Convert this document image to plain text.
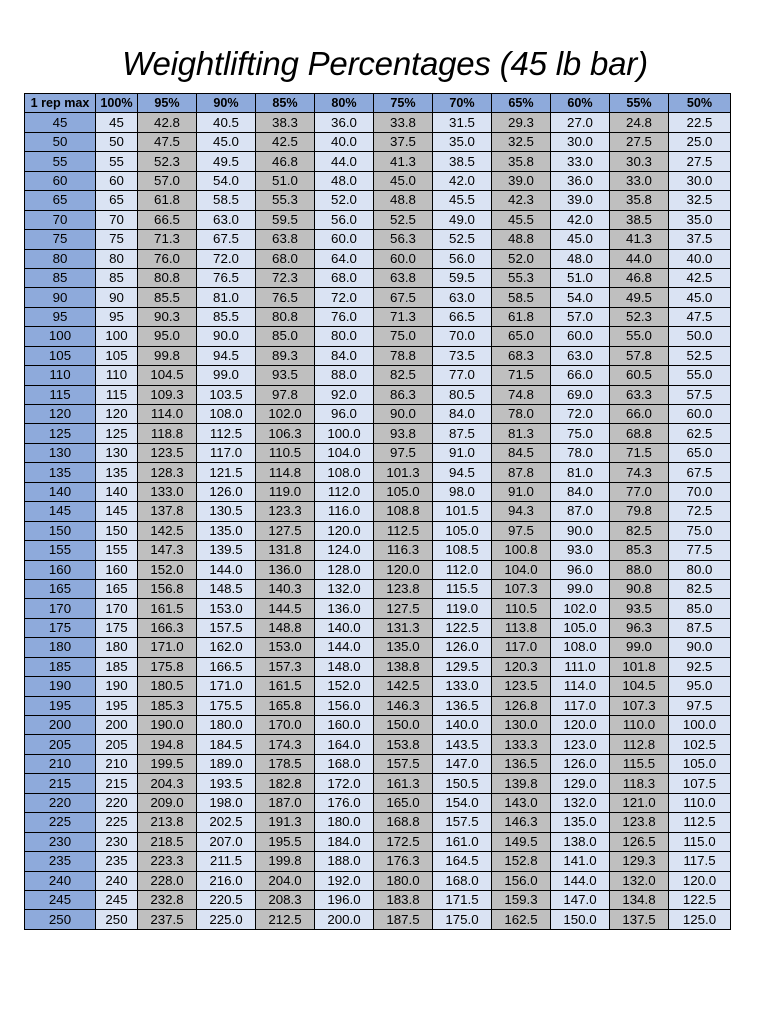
Weightlifting Percentages (45 lb bar)
1 rep max	100%	95%	90%	85%	80%	75%	70%	65%	60%	55%	50%
45	45	42.8	40.5	38.3	36.0	33.8	31.5	29.3	27.0	24.8	22.5
50	50	47.5	45.0	42.5	40.0	37.5	35.0	32.5	30.0	27.5	25.0
55	55	52.3	49.5	46.8	44.0	41.3	38.5	35.8	33.0	30.3	27.5
60	60	57.0	54.0	51.0	48.0	45.0	42.0	39.0	36.0	33.0	30.0
65	65	61.8	58.5	55.3	52.0	48.8	45.5	42.3	39.0	35.8	32.5
70	70	66.5	63.0	59.5	56.0	52.5	49.0	45.5	42.0	38.5	35.0
75	75	71.3	67.5	63.8	60.0	56.3	52.5	48.8	45.0	41.3	37.5
80	80	76.0	72.0	68.0	64.0	60.0	56.0	52.0	48.0	44.0	40.0
85	85	80.8	76.5	72.3	68.0	63.8	59.5	55.3	51.0	46.8	42.5
90	90	85.5	81.0	76.5	72.0	67.5	63.0	58.5	54.0	49.5	45.0
95	95	90.3	85.5	80.8	76.0	71.3	66.5	61.8	57.0	52.3	47.5
100	100	95.0	90.0	85.0	80.0	75.0	70.0	65.0	60.0	55.0	50.0
105	105	99.8	94.5	89.3	84.0	78.8	73.5	68.3	63.0	57.8	52.5
110	110	104.5	99.0	93.5	88.0	82.5	77.0	71.5	66.0	60.5	55.0
115	115	109.3	103.5	97.8	92.0	86.3	80.5	74.8	69.0	63.3	57.5
120	120	114.0	108.0	102.0	96.0	90.0	84.0	78.0	72.0	66.0	60.0
125	125	118.8	112.5	106.3	100.0	93.8	87.5	81.3	75.0	68.8	62.5
130	130	123.5	117.0	110.5	104.0	97.5	91.0	84.5	78.0	71.5	65.0
135	135	128.3	121.5	114.8	108.0	101.3	94.5	87.8	81.0	74.3	67.5
140	140	133.0	126.0	119.0	112.0	105.0	98.0	91.0	84.0	77.0	70.0
145	145	137.8	130.5	123.3	116.0	108.8	101.5	94.3	87.0	79.8	72.5
150	150	142.5	135.0	127.5	120.0	112.5	105.0	97.5	90.0	82.5	75.0
155	155	147.3	139.5	131.8	124.0	116.3	108.5	100.8	93.0	85.3	77.5
160	160	152.0	144.0	136.0	128.0	120.0	112.0	104.0	96.0	88.0	80.0
165	165	156.8	148.5	140.3	132.0	123.8	115.5	107.3	99.0	90.8	82.5
170	170	161.5	153.0	144.5	136.0	127.5	119.0	110.5	102.0	93.5	85.0
175	175	166.3	157.5	148.8	140.0	131.3	122.5	113.8	105.0	96.3	87.5
180	180	171.0	162.0	153.0	144.0	135.0	126.0	117.0	108.0	99.0	90.0
185	185	175.8	166.5	157.3	148.0	138.8	129.5	120.3	111.0	101.8	92.5
190	190	180.5	171.0	161.5	152.0	142.5	133.0	123.5	114.0	104.5	95.0
195	195	185.3	175.5	165.8	156.0	146.3	136.5	126.8	117.0	107.3	97.5
200	200	190.0	180.0	170.0	160.0	150.0	140.0	130.0	120.0	110.0	100.0
205	205	194.8	184.5	174.3	164.0	153.8	143.5	133.3	123.0	112.8	102.5
210	210	199.5	189.0	178.5	168.0	157.5	147.0	136.5	126.0	115.5	105.0
215	215	204.3	193.5	182.8	172.0	161.3	150.5	139.8	129.0	118.3	107.5
220	220	209.0	198.0	187.0	176.0	165.0	154.0	143.0	132.0	121.0	110.0
225	225	213.8	202.5	191.3	180.0	168.8	157.5	146.3	135.0	123.8	112.5
230	230	218.5	207.0	195.5	184.0	172.5	161.0	149.5	138.0	126.5	115.0
235	235	223.3	211.5	199.8	188.0	176.3	164.5	152.8	141.0	129.3	117.5
240	240	228.0	216.0	204.0	192.0	180.0	168.0	156.0	144.0	132.0	120.0
245	245	232.8	220.5	208.3	196.0	183.8	171.5	159.3	147.0	134.8	122.5
250	250	237.5	225.0	212.5	200.0	187.5	175.0	162.5	150.0	137.5	125.0
